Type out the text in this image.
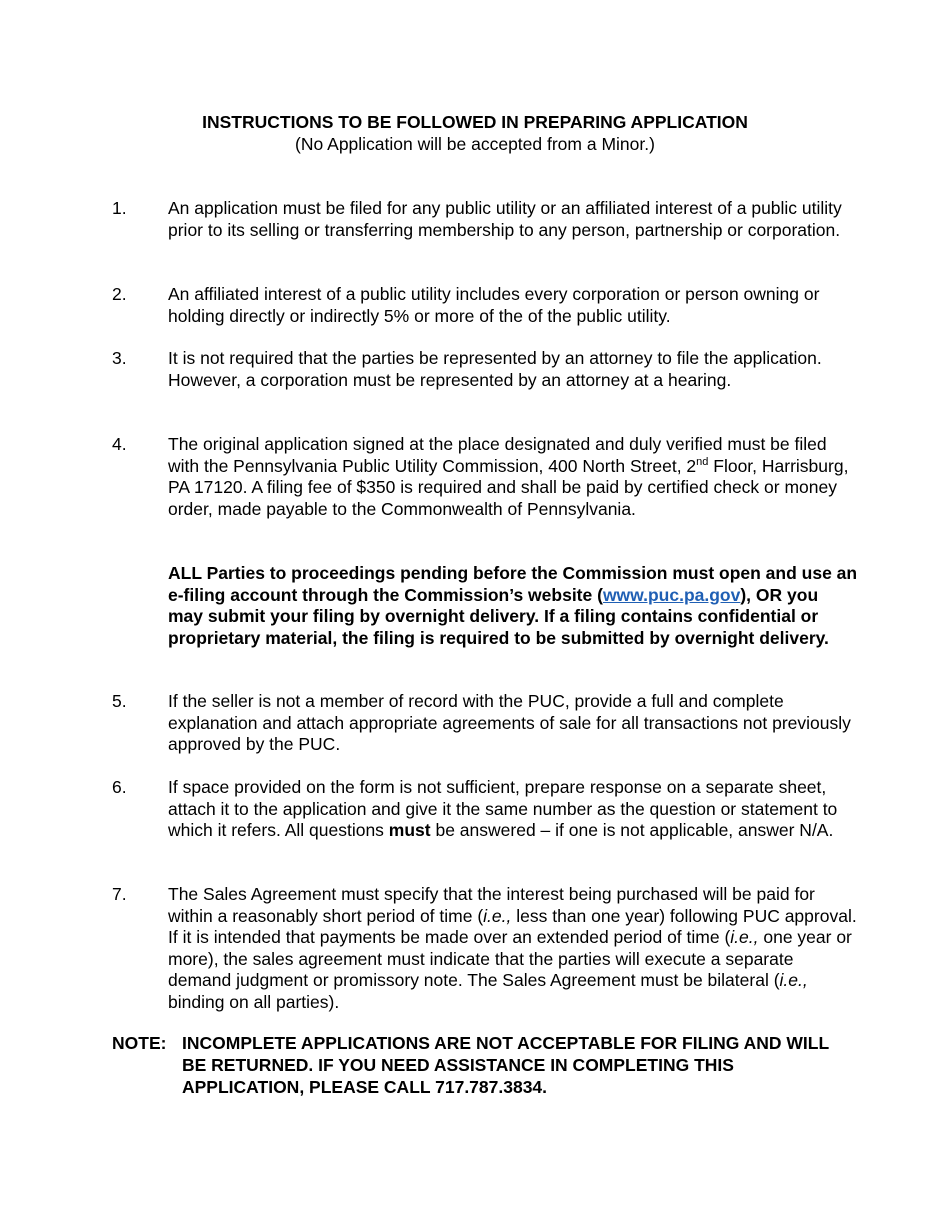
INSTRUCTIONS TO BE FOLLOWED IN PREPARING APPLICATION
(No Application will be accepted from a Minor.)
1.	An application must be filed for any public utility or an affiliated interest of a public utility prior to its selling or transferring membership to any person, partnership or corporation.
2.	An affiliated interest of a public utility includes every corporation or person owning or holding directly or indirectly 5% or more of the of the public utility.
3.	It is not required that the parties be represented by an attorney to file the application. However, a corporation must be represented by an attorney at a hearing.
4.	The original application signed at the place designated and duly verified must be filed with the Pennsylvania Public Utility Commission, 400 North Street, 2nd Floor, Harrisburg, PA 17120. A filing fee of $350 is required and shall be paid by certified check or money order, made payable to the Commonwealth of Pennsylvania.
ALL Parties to proceedings pending before the Commission must open and use an e-filing account through the Commission’s website (www.puc.pa.gov), OR you may submit your filing by overnight delivery. If a filing contains confidential or proprietary material, the filing is required to be submitted by overnight delivery.
5.	If the seller is not a member of record with the PUC, provide a full and complete explanation and attach appropriate agreements of sale for all transactions not previously approved by the PUC.
6.	If space provided on the form is not sufficient, prepare response on a separate sheet, attach it to the application and give it the same number as the question or statement to which it refers. All questions must be answered – if one is not applicable, answer N/A.
7.	The Sales Agreement must specify that the interest being purchased will be paid for within a reasonably short period of time (i.e., less than one year) following PUC approval. If it is intended that payments be made over an extended period of time (i.e., one year or more), the sales agreement must indicate that the parties will execute a separate demand judgment or promissory note. The Sales Agreement must be bilateral (i.e., binding on all parties).
NOTE: INCOMPLETE APPLICATIONS ARE NOT ACCEPTABLE FOR FILING AND WILL BE RETURNED. IF YOU NEED ASSISTANCE IN COMPLETING THIS APPLICATION, PLEASE CALL 717.787.3834.
